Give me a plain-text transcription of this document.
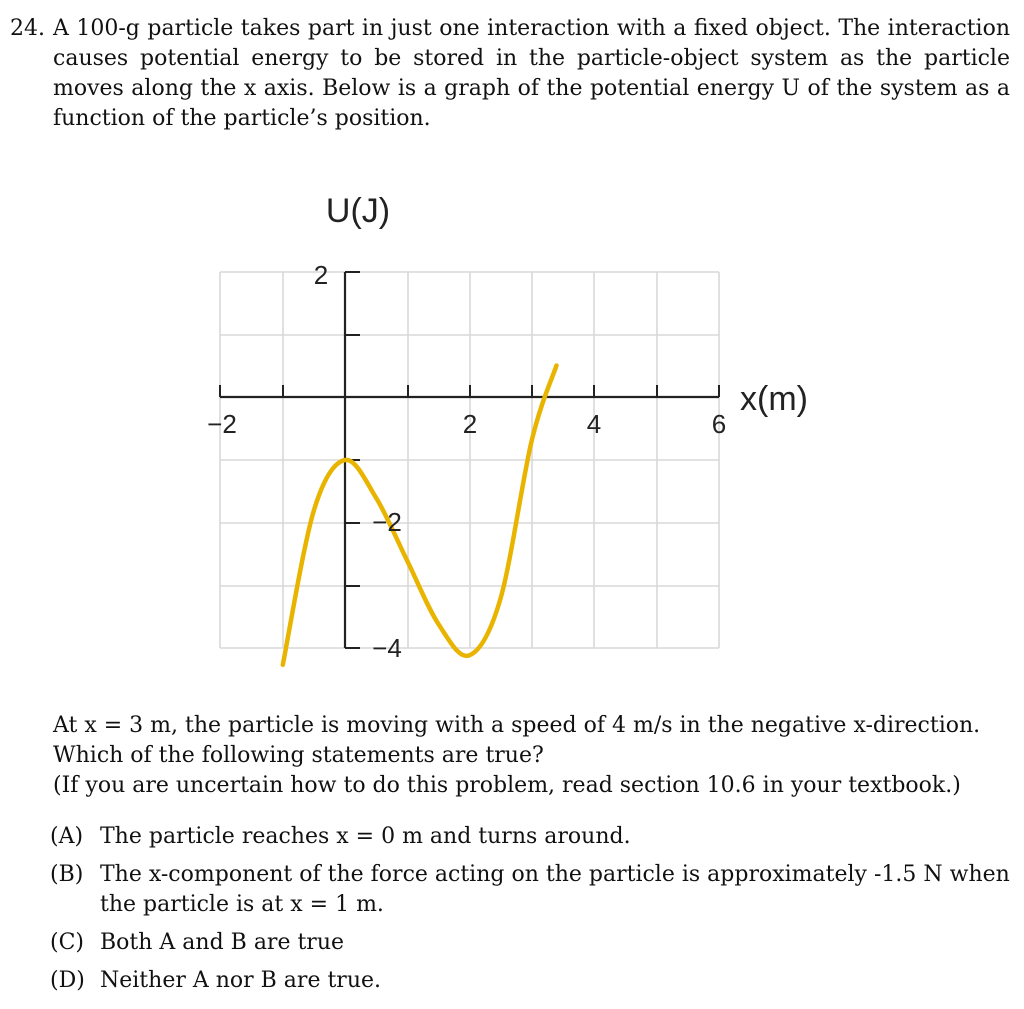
24. A 100-g particle takes part in just one interaction with a fixed object. The interaction causes potential energy to be stored in the particle-object system as the particle moves along the x axis. Below is a graph of the potential energy U of the system as a function of the particle’s position.
U(J)
x(m)
−2	2	4	6
2
−2
−4
At x = 3 m, the particle is moving with a speed of 4 m/s in the negative x-direction.
Which of the following statements are true?
(If you are uncertain how to do this problem, read section 10.6 in your textbook.)
(A) The particle reaches x = 0 m and turns around.
(B) The x-component of the force acting on the particle is approximately -1.5 N when the particle is at x = 1 m.
(C) Both A and B are true
(D) Neither A nor B are true.
